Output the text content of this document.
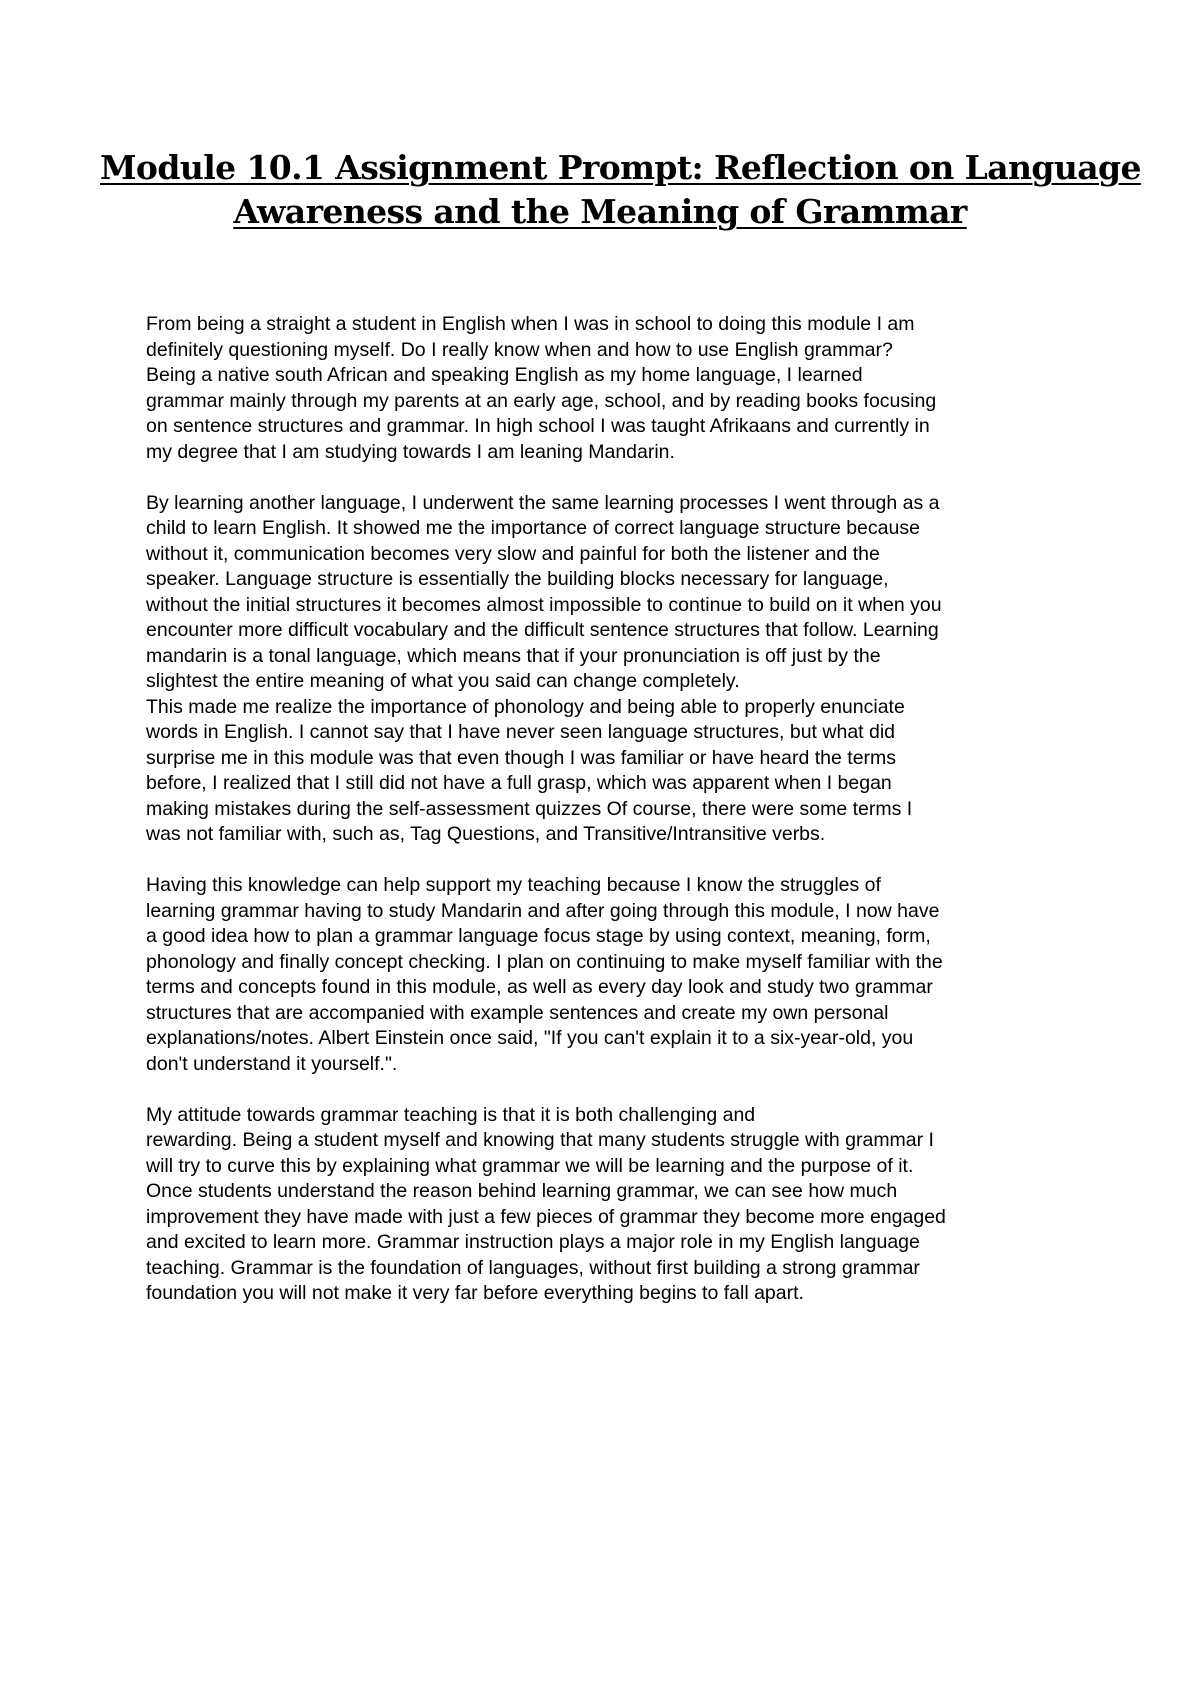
Module 10.1 Assignment Prompt: Reflection on Language
Awareness and the Meaning of Grammar

From being a straight a student in English when I was in school to doing this module I am
definitely questioning myself. Do I really know when and how to use English grammar?
Being a native south African and speaking English as my home language, I learned
grammar mainly through my parents at an early age, school, and by reading books focusing
on sentence structures and grammar. In high school I was taught Afrikaans and currently in
my degree that I am studying towards I am leaning Mandarin.

By learning another language, I underwent the same learning processes I went through as a
child to learn English. It showed me the importance of correct language structure because
without it, communication becomes very slow and painful for both the listener and the
speaker. Language structure is essentially the building blocks necessary for language,
without the initial structures it becomes almost impossible to continue to build on it when you
encounter more difficult vocabulary and the difficult sentence structures that follow. Learning
mandarin is a tonal language, which means that if your pronunciation is off just by the
slightest the entire meaning of what you said can change completely.

This made me realize the importance of phonology and being able to properly enunciate
words in English. I cannot say that I have never seen language structures, but what did
surprise me in this module was that even though I was familiar or have heard the terms
before, I realized that I still did not have a full grasp, which was apparent when I began
making mistakes during the self-assessment quizzes Of course, there were some terms I
was not familiar with, such as, Tag Questions, and Transitive/Intransitive verbs.

Having this knowledge can help support my teaching because I know the struggles of
learning grammar having to study Mandarin and after going through this module, I now have
a good idea how to plan a grammar language focus stage by using context, meaning, form,
phonology and finally concept checking. I plan on continuing to make myself familiar with the
terms and concepts found in this module, as well as every day look and study two grammar
structures that are accompanied with example sentences and create my own personal
explanations/notes. Albert Einstein once said, "If you can't explain it to a six-year-old, you
don't understand it yourself.".

My attitude towards grammar teaching is that it is both challenging and
rewarding. Being a student myself and knowing that many students struggle with grammar I
will try to curve this by explaining what grammar we will be learning and the purpose of it.
Once students understand the reason behind learning grammar, we can see how much
improvement they have made with just a few pieces of grammar they become more engaged
and excited to learn more. Grammar instruction plays a major role in my English language
teaching. Grammar is the foundation of languages, without first building a strong grammar
foundation you will not make it very far before everything begins to fall apart.
